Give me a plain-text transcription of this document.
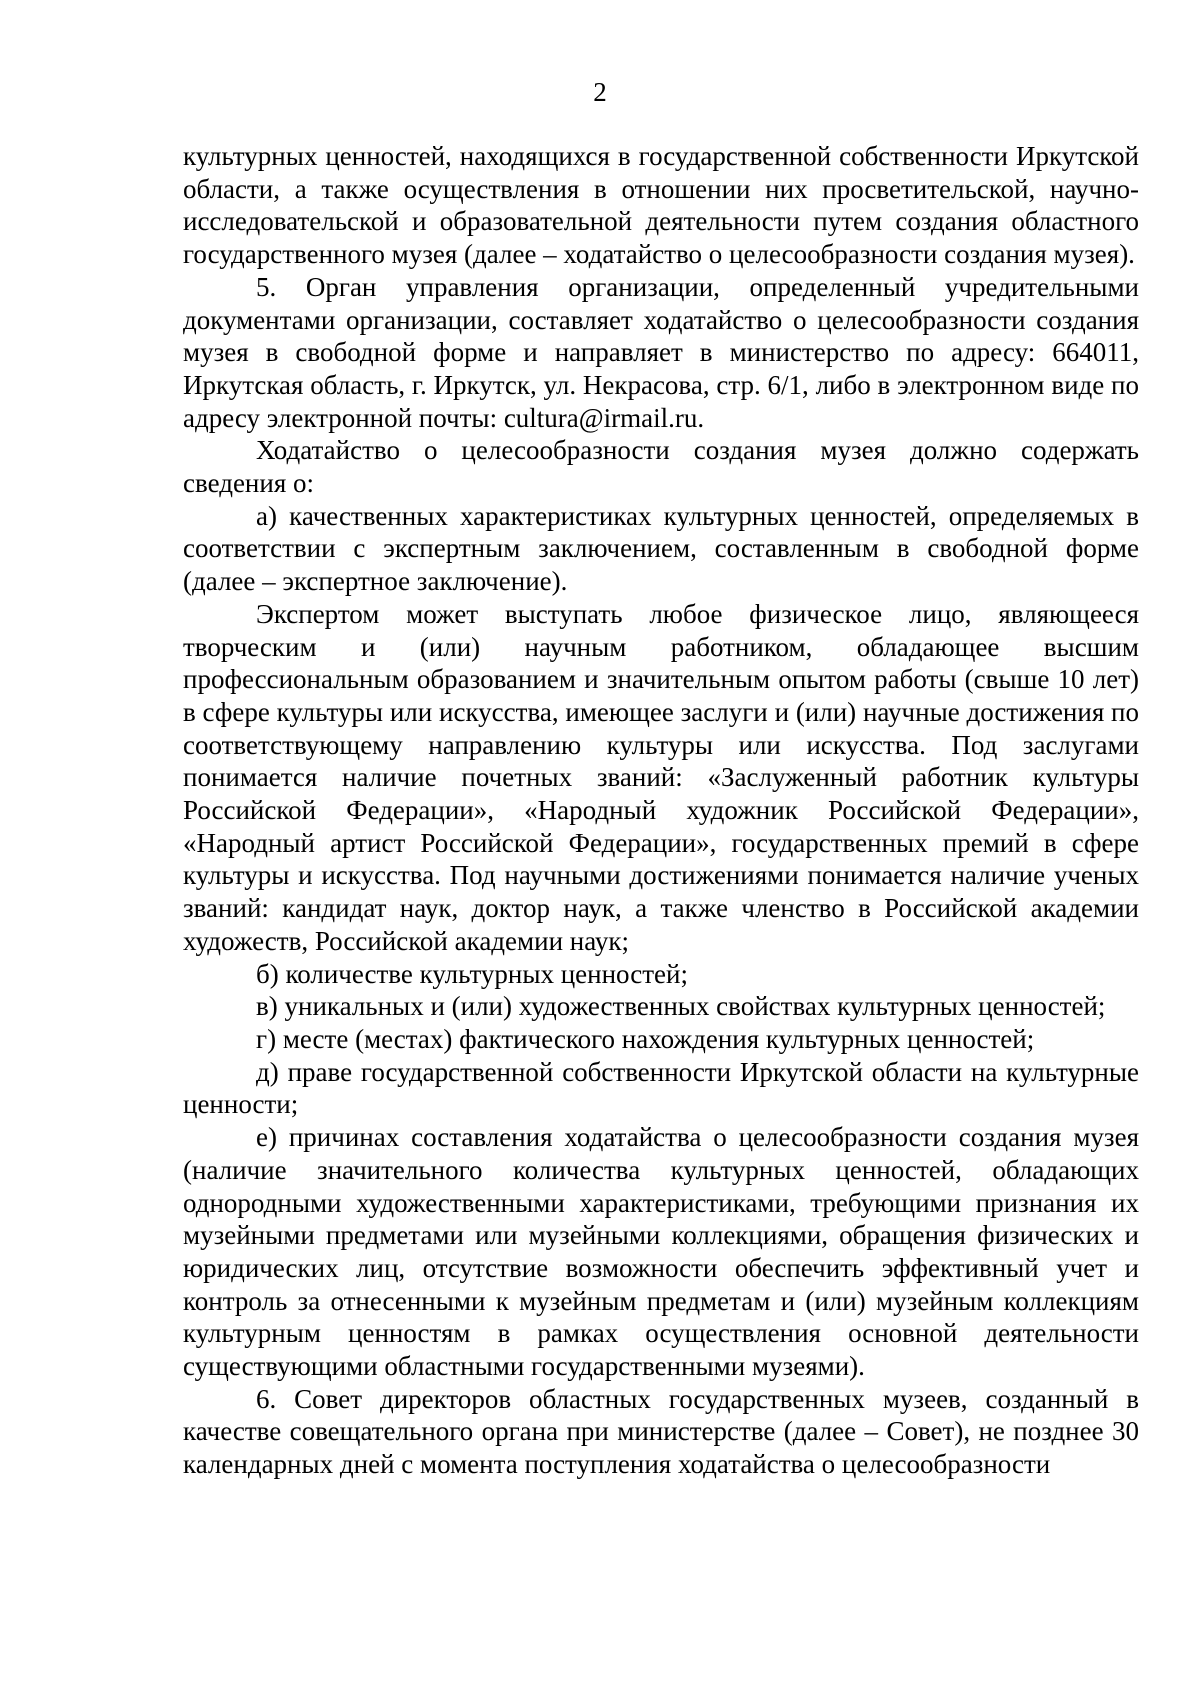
2

культурных ценностей, находящихся в государственной собственности Иркутской области, а также осуществления в отношении них просветительской, научно-исследовательской и образовательной деятельности путем создания областного государственного музея (далее – ходатайство о целесообразности создания музея).

5. Орган управления организации, определенный учредительными документами организации, составляет ходатайство о целесообразности создания музея в свободной форме и направляет в министерство по адресу: 664011, Иркутская область, г. Иркутск, ул. Некрасова, стр. 6/1, либо в электронном виде по адресу электронной почты: cultura@irmail.ru.

Ходатайство о целесообразности создания музея должно содержать сведения о:

а) качественных характеристиках культурных ценностей, определяемых в соответствии с экспертным заключением, составленным в свободной форме (далее – экспертное заключение).

Экспертом может выступать любое физическое лицо, являющееся творческим и (или) научным работником, обладающее высшим профессиональным образованием и значительным опытом работы (свыше 10 лет) в сфере культуры или искусства, имеющее заслуги и (или) научные достижения по соответствующему направлению культуры или искусства. Под заслугами понимается наличие почетных званий: «Заслуженный работник культуры Российской Федерации», «Народный художник Российской Федерации», «Народный артист Российской Федерации», государственных премий в сфере культуры и искусства. Под научными достижениями понимается наличие ученых званий: кандидат наук, доктор наук, а также членство в Российской академии художеств, Российской академии наук;

б) количестве культурных ценностей;

в) уникальных и (или) художественных свойствах культурных ценностей;

г) месте (местах) фактического нахождения культурных ценностей;

д) праве государственной собственности Иркутской области на культурные ценности;

е) причинах составления ходатайства о целесообразности создания музея (наличие значительного количества культурных ценностей, обладающих однородными художественными характеристиками, требующими признания их музейными предметами или музейными коллекциями, обращения физических и юридических лиц, отсутствие возможности обеспечить эффективный учет и контроль за отнесенными к музейным предметам и (или) музейным коллекциям культурным ценностям в рамках осуществления основной деятельности существующими областными государственными музеями).

6. Совет директоров областных государственных музеев, созданный в качестве совещательного органа при министерстве (далее – Совет), не позднее 30 календарных дней с момента поступления ходатайства о целесообразности
